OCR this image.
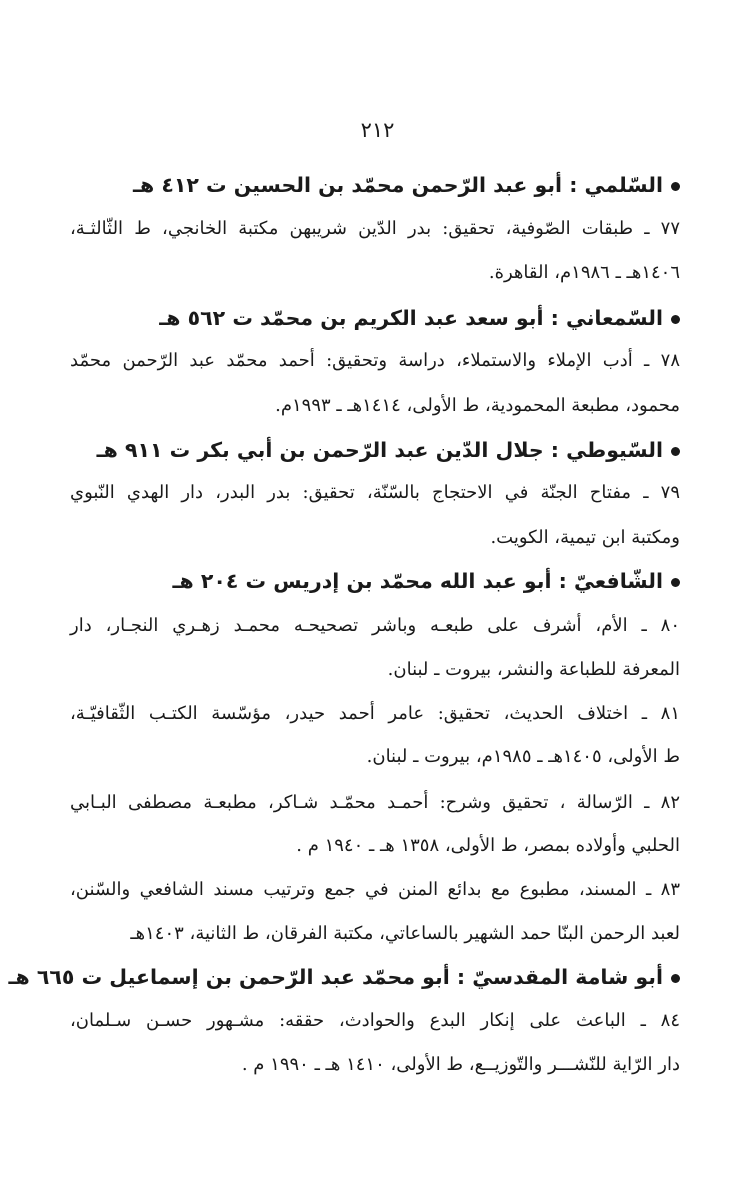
٢١٢
السّلمي : أبو عبد الرّحمن محمّد بن الحسين ت ٤١٢ هـ
٧٧ ـ طبقات الصّوفية، تحقيق: بدر الدّين شريبهن مكتبة الخانجي، ط الثّالثـة،
١٤٠٦هـ ـ ١٩٨٦م، القاهرة.
السّمعاني : أبو سعد عبد الكريم بن محمّد ت ٥٦٢ هـ
٧٨ ـ أدب الإملاء والاستملاء، دراسة وتحقيق: أحمد محمّد عبد الرّحمن محمّد
محمود، مطبعة المحمودية، ط الأولى، ١٤١٤هـ ـ ١٩٩٣م.
السّيوطي : جلال الدّين عبد الرّحمن بن أبي بكر ت ٩١١ هـ
٧٩ ـ مفتاح الجنّة في الاحتجاج بالسّنّة، تحقيق: بدر البدر، دار الهدي النّبوي
ومكتبة ابن تيمية، الكويت.
الشّافعيّ : أبو عبد الله محمّد بن إدريس ت ٢٠٤ هـ
٨٠ ـ الأم، أشرف على طبعـه وباشر تصحيحـه محمـد زهـري النجـار، دار
المعرفة للطباعة والنشر، بيروت ـ لبنان.
٨١ ـ اختلاف الحديث، تحقيق: عامر أحمد حيدر، مؤسّسة الكتـب الثّقافيّـة،
ط الأولى، ١٤٠٥هـ ـ ١٩٨٥م، بيروت ـ لبنان.
٨٢ ـ الرّسالة ، تحقيق وشرح: أحمـد محمّـد شـاكر، مطبعـة مصطفى البـابي
الحلبي وأولاده بمصر، ط الأولى، ١٣٥٨ هـ ـ ١٩٤٠ م .
٨٣ ـ المسند، مطبوع مع بدائع المنن في جمع وترتيب مسند الشافعي والسّنن،
لعبد الرحمن البنّا حمد الشهير بالساعاتي، مكتبة الفرقان، ط الثانية، ١٤٠٣هـ
أبو شامة المقدسيّ : أبو محمّد عبد الرّحمن بن إسماعيل ت ٦٦٥ هـ
٨٤ ـ الباعث على إنكار البدع والحوادث، حققه: مشـهور حسـن سـلمان،
دار الرّاية للنّشـــر والتّوزيــع، ط الأولى، ١٤١٠ هـ ـ ١٩٩٠ م .
